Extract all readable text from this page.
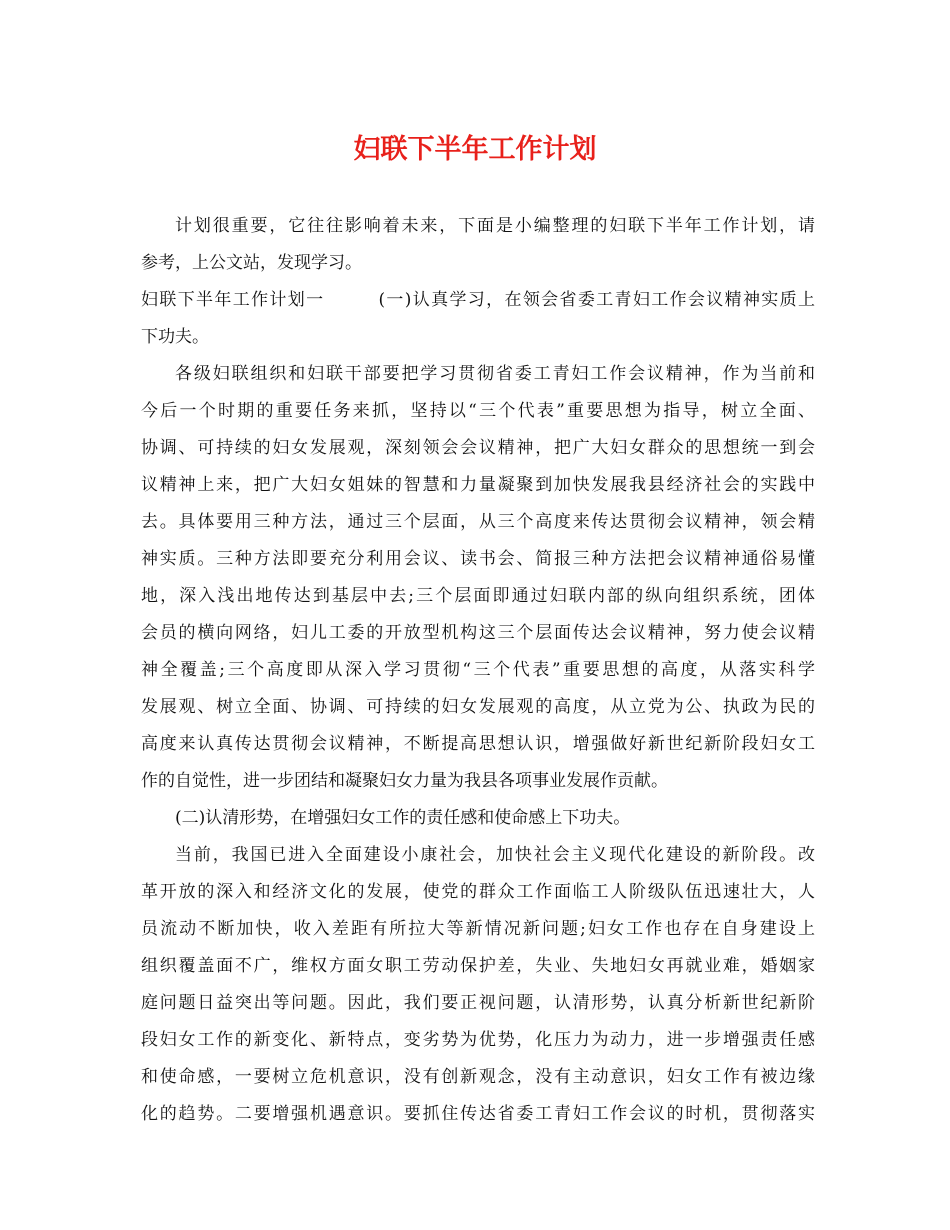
妇联下半年工作计划
计划很重要，它往往影响着未来，下面是小编整理的妇联下半年工作计划，请
参考，上公文站，发现学习。
妇联下半年工作计划一	(一)认真学习，在领会省委工青妇工作会议精神实质上
下功夫。
各级妇联组织和妇联干部要把学习贯彻省委工青妇工作会议精神，作为当前和
今后一个时期的重要任务来抓，坚持以“三个代表”重要思想为指导，树立全面、
协调、可持续的妇女发展观，深刻领会会议精神，把广大妇女群众的思想统一到会
议精神上来，把广大妇女姐妹的智慧和力量凝聚到加快发展我县经济社会的实践中
去。具体要用三种方法，通过三个层面，从三个高度来传达贯彻会议精神，领会精
神实质。三种方法即要充分利用会议、读书会、简报三种方法把会议精神通俗易懂
地，深入浅出地传达到基层中去;三个层面即通过妇联内部的纵向组织系统，团体
会员的横向网络，妇儿工委的开放型机构这三个层面传达会议精神，努力使会议精
神全覆盖;三个高度即从深入学习贯彻“三个代表”重要思想的高度，从落实科学
发展观、树立全面、协调、可持续的妇女发展观的高度，从立党为公、执政为民的
高度来认真传达贯彻会议精神，不断提高思想认识，增强做好新世纪新阶段妇女工
作的自觉性，进一步团结和凝聚妇女力量为我县各项事业发展作贡献。
(二)认清形势，在增强妇女工作的责任感和使命感上下功夫。
当前，我国已进入全面建设小康社会，加快社会主义现代化建设的新阶段。改
革开放的深入和经济文化的发展，使党的群众工作面临工人阶级队伍迅速壮大，人
员流动不断加快，收入差距有所拉大等新情况新问题;妇女工作也存在自身建设上
组织覆盖面不广，维权方面女职工劳动保护差，失业、失地妇女再就业难，婚姻家
庭问题日益突出等问题。因此，我们要正视问题，认清形势，认真分析新世纪新阶
段妇女工作的新变化、新特点，变劣势为优势，化压力为动力，进一步增强责任感
和使命感，一要树立危机意识，没有创新观念，没有主动意识，妇女工作有被边缘
化的趋势。二要增强机遇意识。要抓住传达省委工青妇工作会议的时机，贯彻落实
